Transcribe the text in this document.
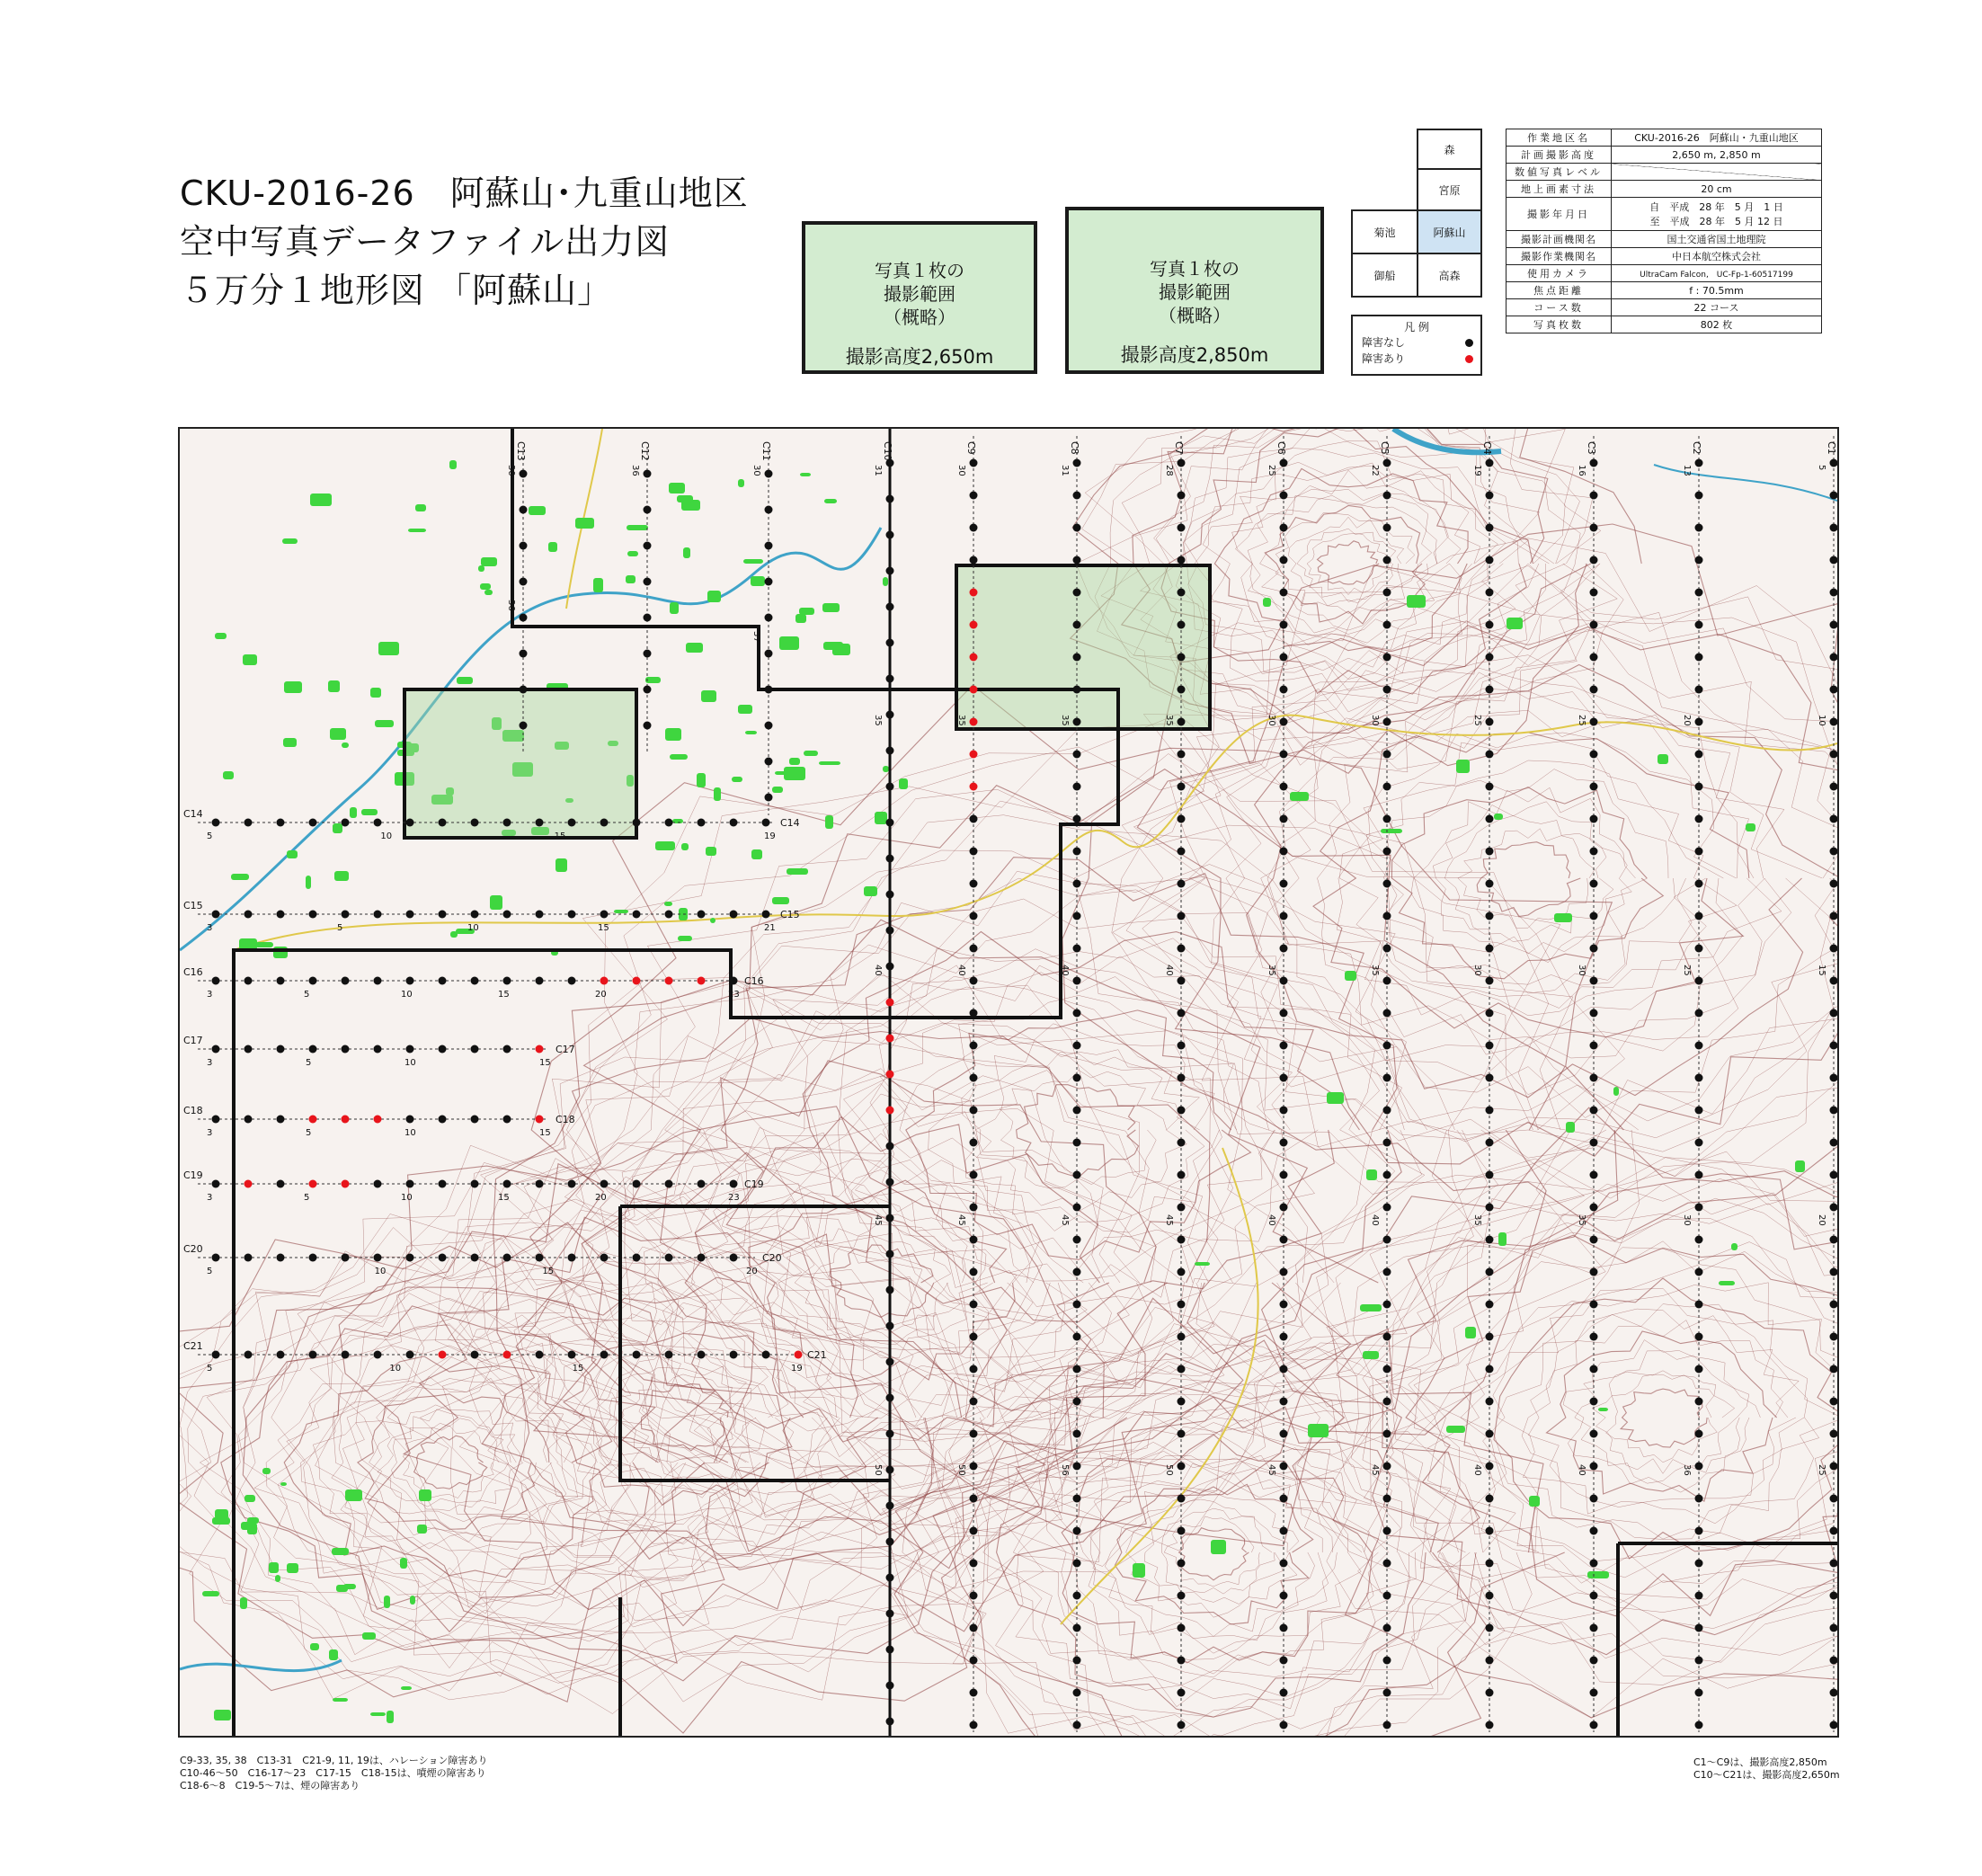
CKU-2016-26　阿蘇山･九重山地区
空中写真データファイル出力図
５万分１地形図 「阿蘇山」	写真１枚の
撮影範囲
（概略）
撮影高度2,650m
写真１枚の
撮影範囲
（概略）
撮影高度2,850m
森
宮原
菊池	阿蘇山
御船	高森
凡 例
障害なし
障害あり
作業地区名	CKU-2016-26　阿蘇山・九重山地区
計画撮影高度	2,650 m, 2,850 m
数値写真レベル	
地上画素寸法	20 cm
撮影年月日	自　平成　28 年　5 月　1 日
至　平成　28 年　5 月 12 日

撮影計画機関名	国土交通省国土地理院
撮影作業機関名	中日本航空株式会社
使用カメラ	UltraCam Falcon,　UC-Fp-1-60517199
焦点距離	f : 70.5mm
コース数	22 コース
写真枚数	802 枚
C1
5
10
15
20
25
C2
13
20
25
30
36
C3
16
25
30
35
40
C4
19
25
30
35
40
C5
22
30
35
40
45
C6
25
30
35
40
45
C7
28
35
40
45
50
C8
31
35
40
45
56
C9
30
35
40
45
50
C10
31
35
40
45
50
C11
30
37
C12
36
C13
30
36
C14
C14
19
5	10	15
C15
C15
21
3	5	10	15
C16
C16
23
3	5	10	15	20
C17
C17
15
3	5	10
C18
C18
15
3	5	10
C19
C19
23
3	5	10	15	20
C20
C20
20
5	10	15
C21
C21
19
5	10	15
C9-33, 35, 38　C13-31　C21-9, 11, 19は、ハレーション障害あり
C10-46～50　C16-17～23　C17-15　C18-15は、噴煙の障害あり
C18-6～8　C19-5～7は、煙の障害あり
C1～C9は、撮影高度2,850m
C10～C21は、撮影高度2,650m
